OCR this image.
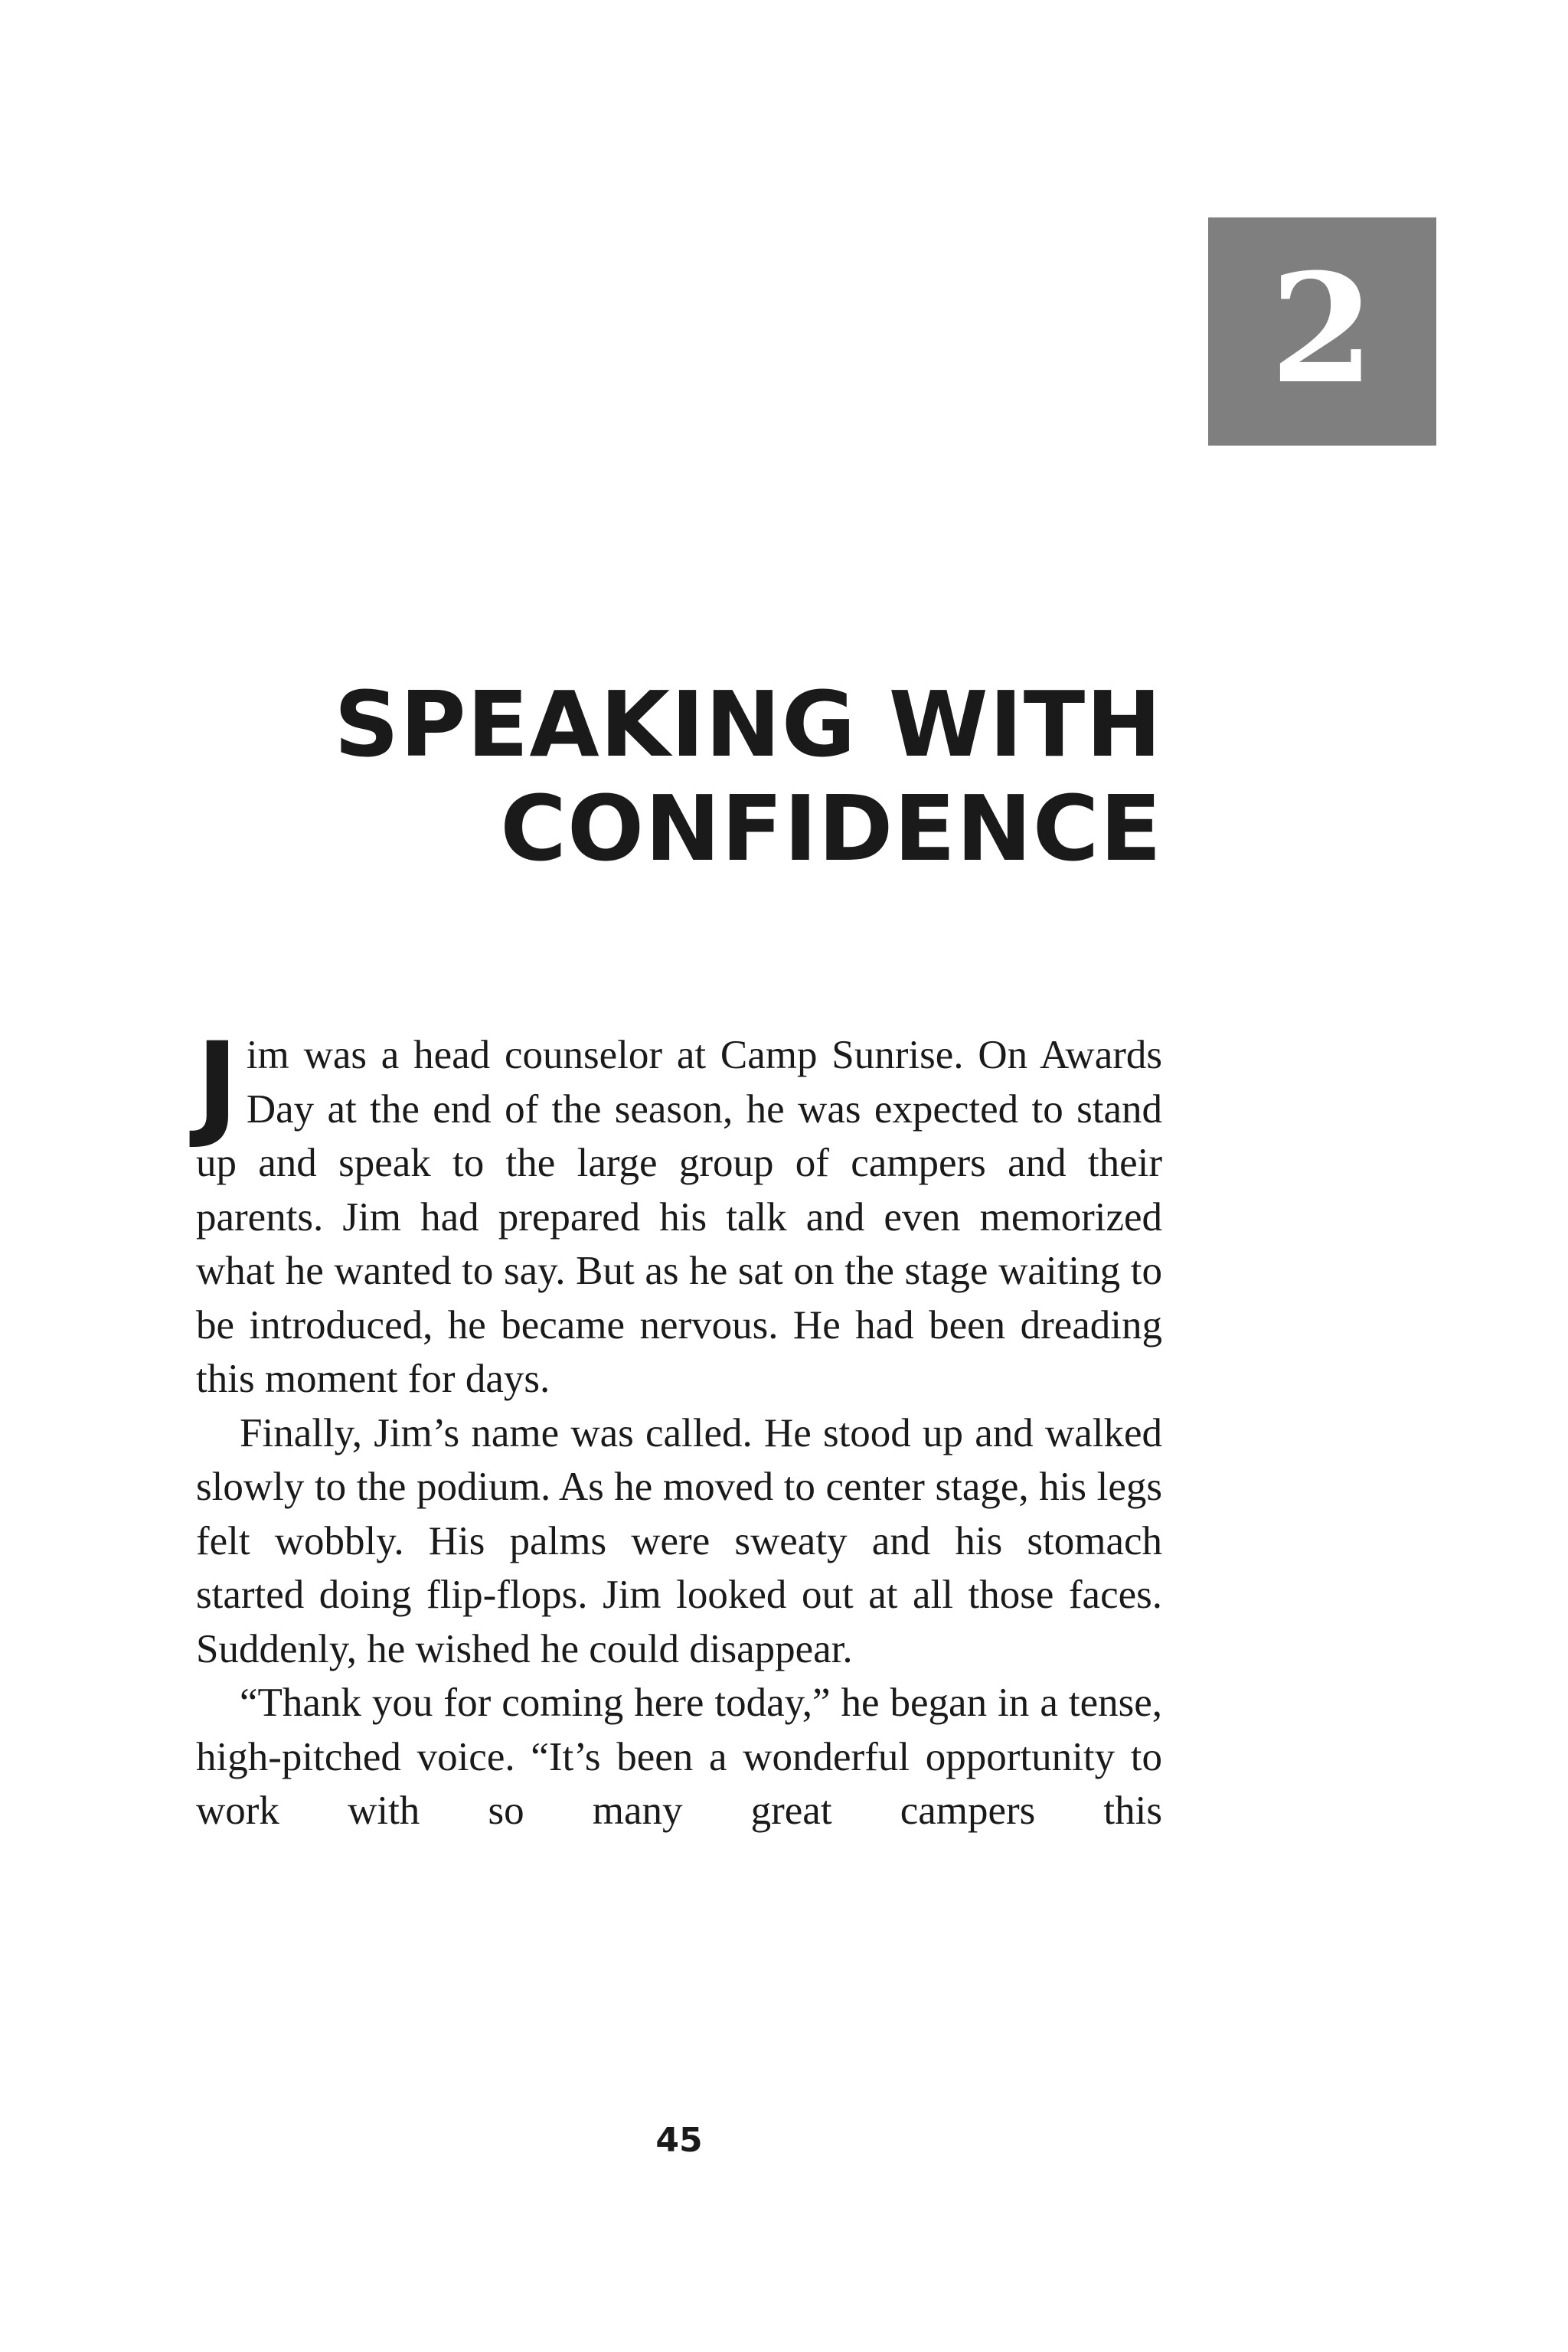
2
SPEAKING WITH
CONFIDENCE

Jim was a head counselor at Camp Sunrise. On Awards Day at the end of the season, he was expected to stand up and speak to the large group of campers and their parents. Jim had prepared his talk and even memorized what he wanted to say. But as he sat on the stage waiting to be introduced, he became nervous. He had been dreading this moment for days.

Finally, Jim’s name was called. He stood up and walked slowly to the podium. As he moved to center stage, his legs felt wobbly. His palms were sweaty and his stomach started doing flip-flops. Jim looked out at all those faces. Suddenly, he wished he could disappear.

“Thank you for coming here today,” he began in a tense, high-pitched voice. “It’s been a wonderful opportunity to work with so many great campers this

45
